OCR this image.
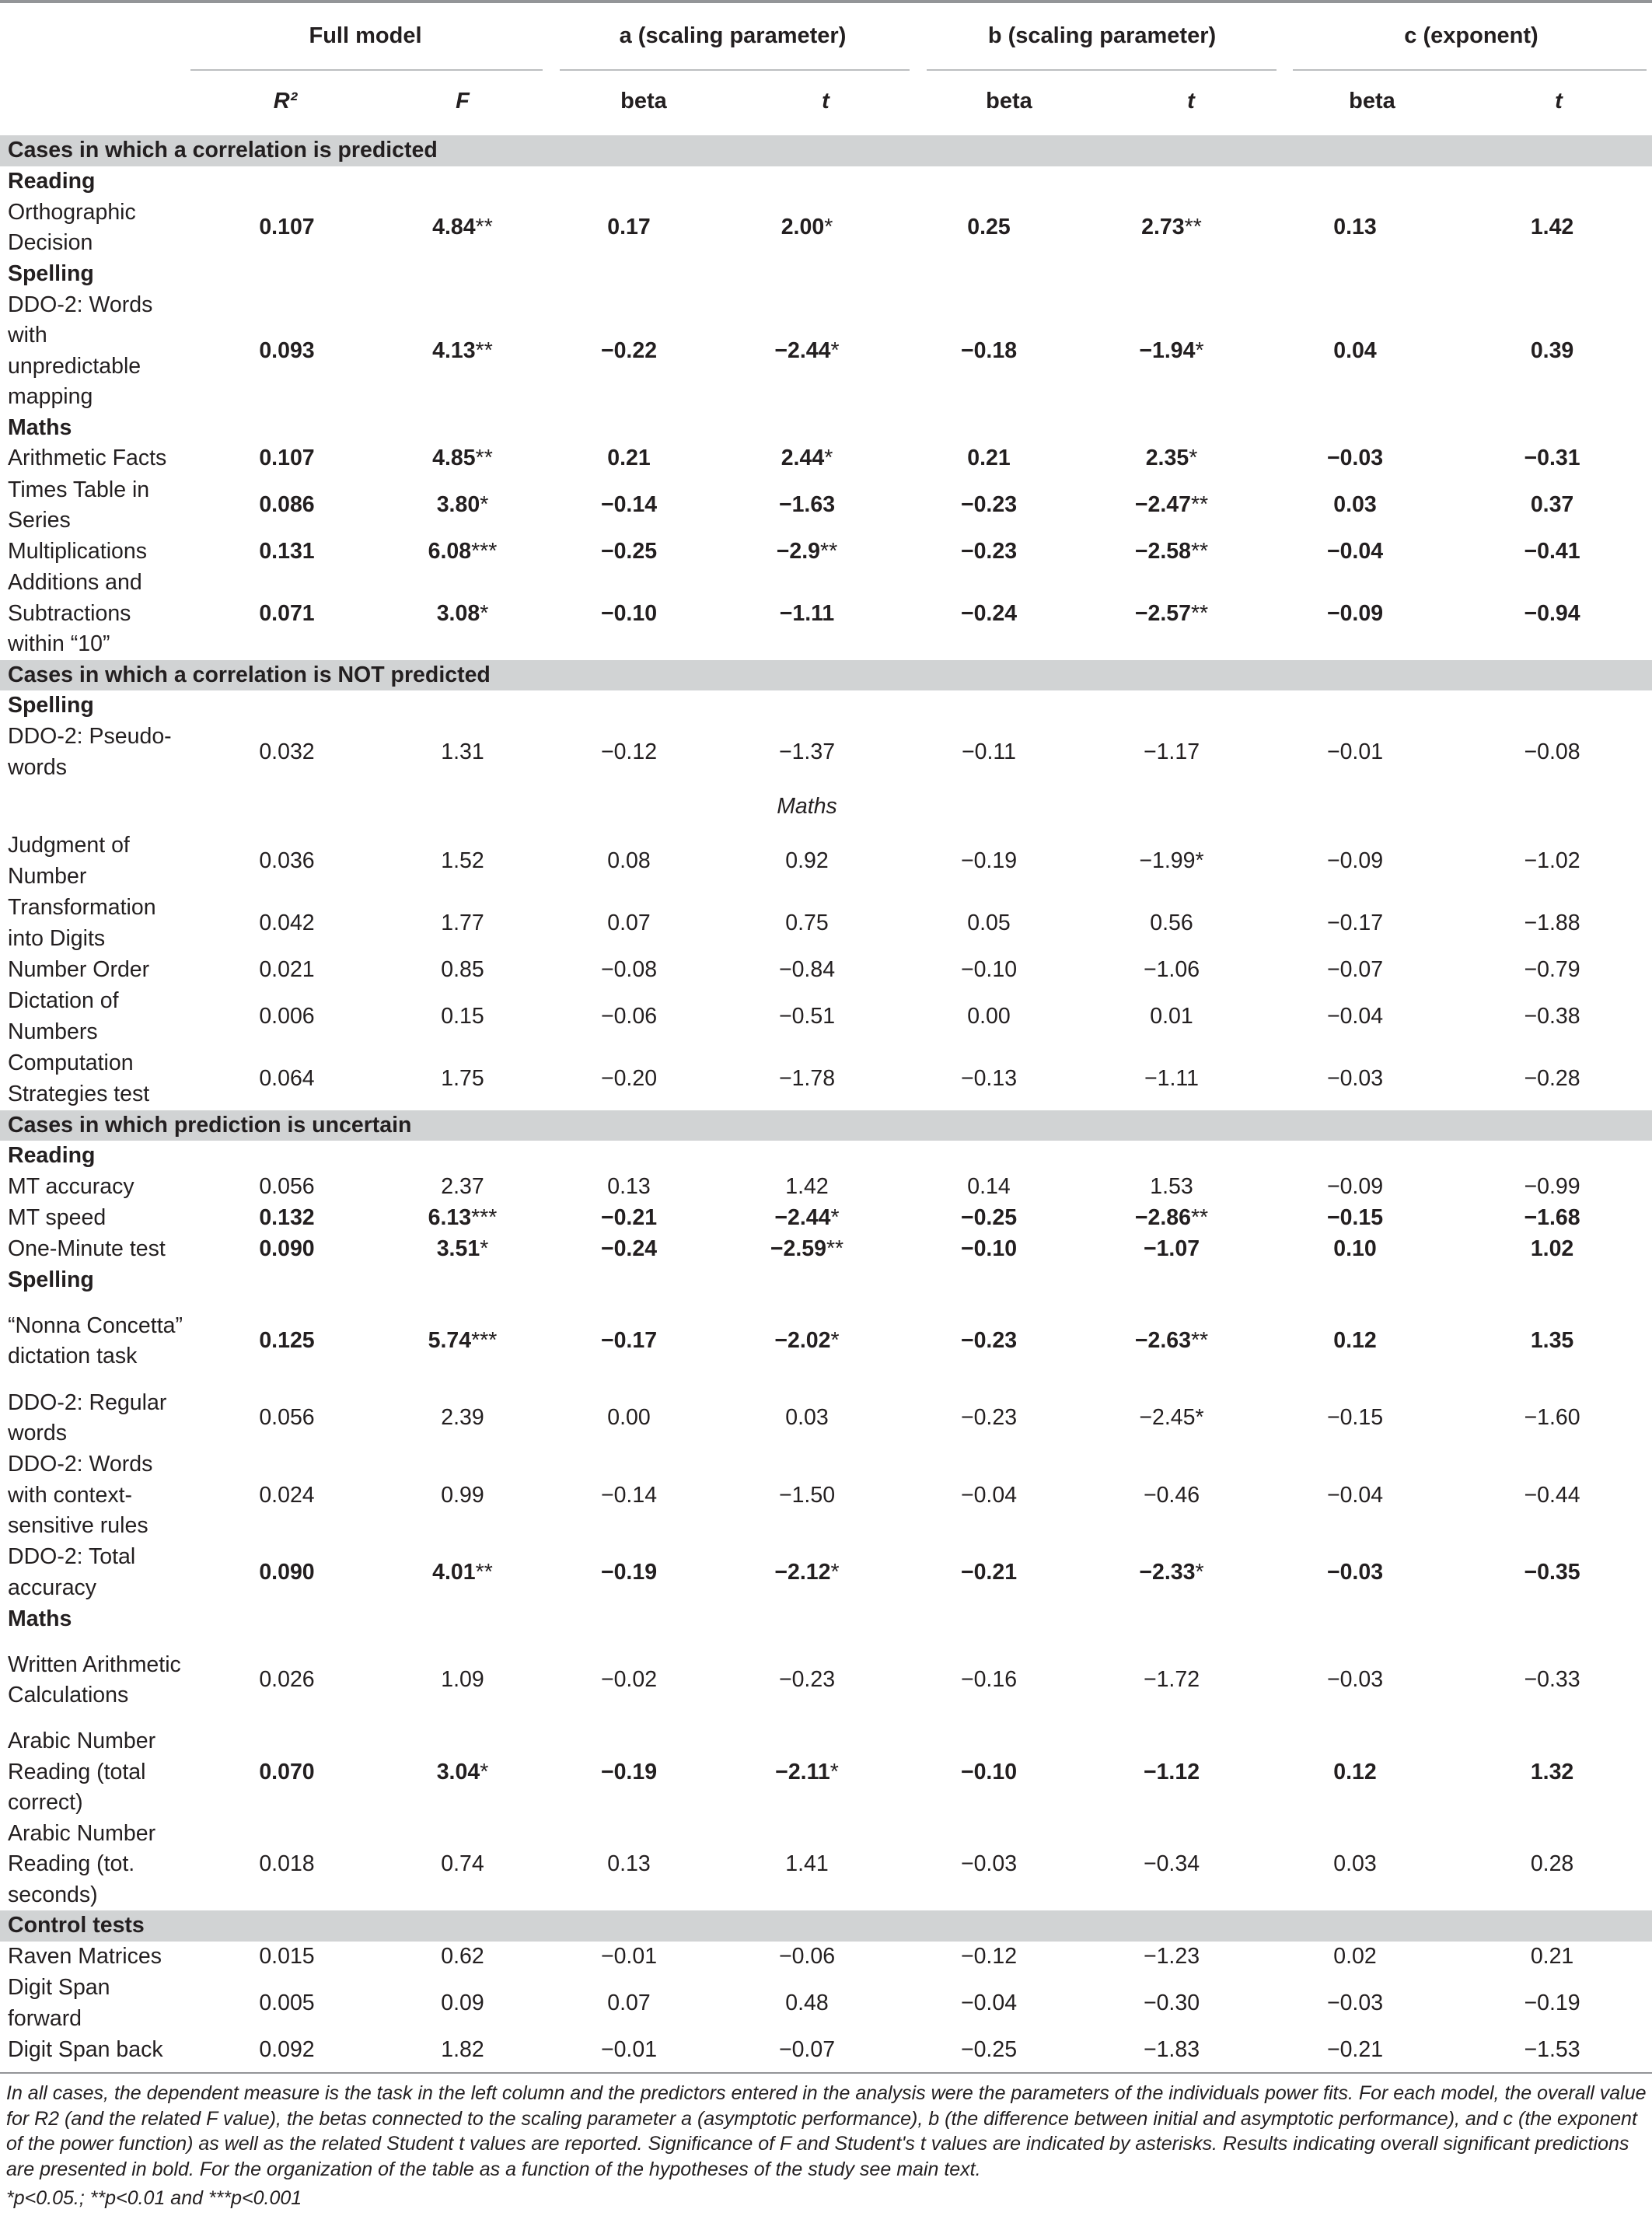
Full model	a (scaling parameter)	b (scaling parameter)	c (exponent)
R²	F	beta	t	beta	t	beta	t
Cases in which a correlation is predicted								
Reading								
Orthographic Decision	0.107	4.84**	0.17	2.00*	0.25	2.73**	0.13	1.42
Spelling								
DDO-2: Words with unpredictable mapping	0.093	4.13**	−0.22	−2.44*	−0.18	−1.94*	0.04	0.39
Maths								
Arithmetic Facts	0.107	4.85**	0.21	2.44*	0.21	2.35*	−0.03	−0.31
Times Table in Series	0.086	3.80*	−0.14	−1.63	−0.23	−2.47**	0.03	0.37
Multiplications	0.131	6.08***	−0.25	−2.9**	−0.23	−2.58**	−0.04	−0.41
Additions and Subtractions within “10”	0.071	3.08*	−0.10	−1.11	−0.24	−2.57**	−0.09	−0.94
Cases in which a correlation is NOT predicted								
Spelling								
DDO-2: Pseudo-words	0.032	1.31	−0.12	−1.37	−0.11	−1.17	−0.01	−0.08
				Maths				
Judgment of Number	0.036	1.52	0.08	0.92	−0.19	−1.99*	−0.09	−1.02
Transformation into Digits	0.042	1.77	0.07	0.75	0.05	0.56	−0.17	−1.88
Number Order	0.021	0.85	−0.08	−0.84	−0.10	−1.06	−0.07	−0.79
Dictation of Numbers	0.006	0.15	−0.06	−0.51	0.00	0.01	−0.04	−0.38
Computation Strategies test	0.064	1.75	−0.20	−1.78	−0.13	−1.11	−0.03	−0.28
Cases in which prediction is uncertain								
Reading								
MT accuracy	0.056	2.37	0.13	1.42	0.14	1.53	−0.09	−0.99
MT speed	0.132	6.13***	−0.21	−2.44*	−0.25	−2.86**	−0.15	−1.68
One-Minute test	0.090	3.51*	−0.24	−2.59**	−0.10	−1.07	0.10	1.02
Spelling								
“Nonna Concetta” dictation task	0.125	5.74***	−0.17	−2.02*	−0.23	−2.63**	0.12	1.35
DDO-2: Regular words	0.056	2.39	0.00	0.03	−0.23	−2.45*	−0.15	−1.60
DDO-2: Words with context-sensitive rules	0.024	0.99	−0.14	−1.50	−0.04	−0.46	−0.04	−0.44
DDO-2: Total accuracy	0.090	4.01**	−0.19	−2.12*	−0.21	−2.33*	−0.03	−0.35
Maths								
Written Arithmetic Calculations	0.026	1.09	−0.02	−0.23	−0.16	−1.72	−0.03	−0.33
Arabic Number Reading (total correct)	0.070	3.04*	−0.19	−2.11*	−0.10	−1.12	0.12	1.32
Arabic Number Reading (tot. seconds)	0.018	0.74	0.13	1.41	−0.03	−0.34	0.03	0.28
Control tests								
Raven Matrices	0.015	0.62	−0.01	−0.06	−0.12	−1.23	0.02	0.21
Digit Span forward	0.005	0.09	0.07	0.48	−0.04	−0.30	−0.03	−0.19
Digit Span back	0.092	1.82	−0.01	−0.07	−0.25	−1.83	−0.21	−1.53
In all cases, the dependent measure is the task in the left column and the predictors entered in the analysis were the parameters of the individuals power fits. For each model, the overall value for R2 (and the related F value), the betas connected to the scaling parameter a (asymptotic performance), b (the difference between initial and asymptotic performance), and c (the exponent of the power function) as well as the related Student t values are reported. Significance of F and Student's t values are indicated by asterisks. Results indicating overall significant predictions are presented in bold. For the organization of the table as a function of the hypotheses of the study see main text.
*p<0.05.; **p<0.01 and ***p<0.001
